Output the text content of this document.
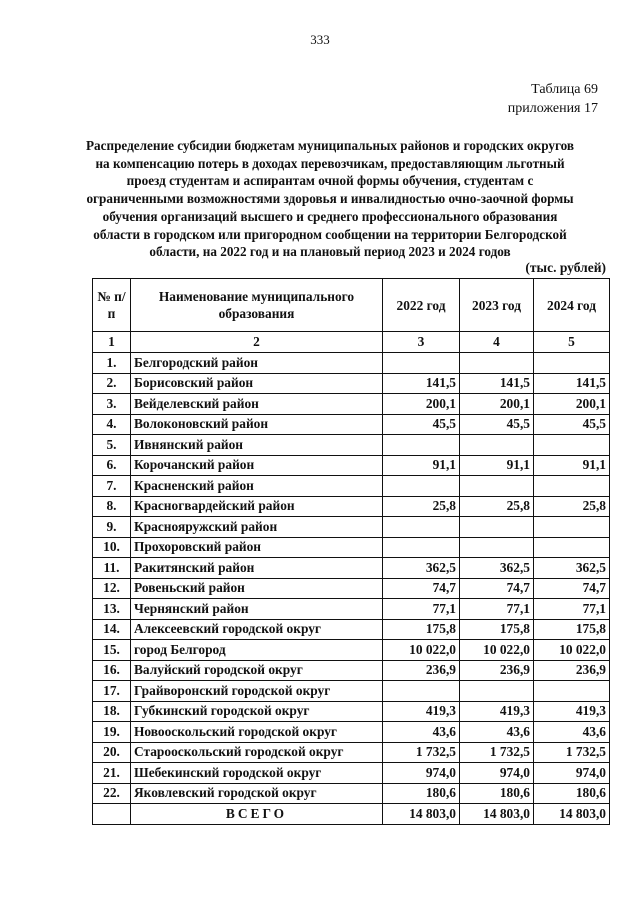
333
Таблица 69
приложения 17
Распределение субсидии бюджетам муниципальных районов и городских округов на компенсацию потерь в доходах перевозчикам, предоставляющим льготный проезд студентам и аспирантам очной формы обучения, студентам с ограниченными возможностями здоровья и инвалидностью очно-заочной формы обучения организаций высшего и среднего профессионального образования области в городском или пригородном сообщении на территории Белгородской области, на 2022 год и на плановый период 2023 и 2024 годов
(тыс. рублей)
№ п/п	Наименование муниципального образования	2022 год	2023 год	2024 год
1	2	3	4	5
1.	Белгородский район			
2.	Борисовский район	141,5	141,5	141,5
3.	Вейделевский район	200,1	200,1	200,1
4.	Волоконовский район	45,5	45,5	45,5
5.	Ивнянский район			
6.	Корочанский район	91,1	91,1	91,1
7.	Красненский район			
8.	Красногвардейский район	25,8	25,8	25,8
9.	Краснояружский район			
10.	Прохоровский район			
11.	Ракитянский район	362,5	362,5	362,5
12.	Ровеньский район	74,7	74,7	74,7
13.	Чернянский район	77,1	77,1	77,1
14.	Алексеевский городской округ	175,8	175,8	175,8
15.	город Белгород	10 022,0	10 022,0	10 022,0
16.	Валуйский городской округ	236,9	236,9	236,9
17.	Грайворонский городской округ			
18.	Губкинский городской округ	419,3	419,3	419,3
19.	Новооскольский городской округ	43,6	43,6	43,6
20.	Старооскольский городской округ	1 732,5	1 732,5	1 732,5
21.	Шебекинский городской округ	974,0	974,0	974,0
22.	Яковлевский городской округ	180,6	180,6	180,6
	ВСЕГО	14 803,0	14 803,0	14 803,0
